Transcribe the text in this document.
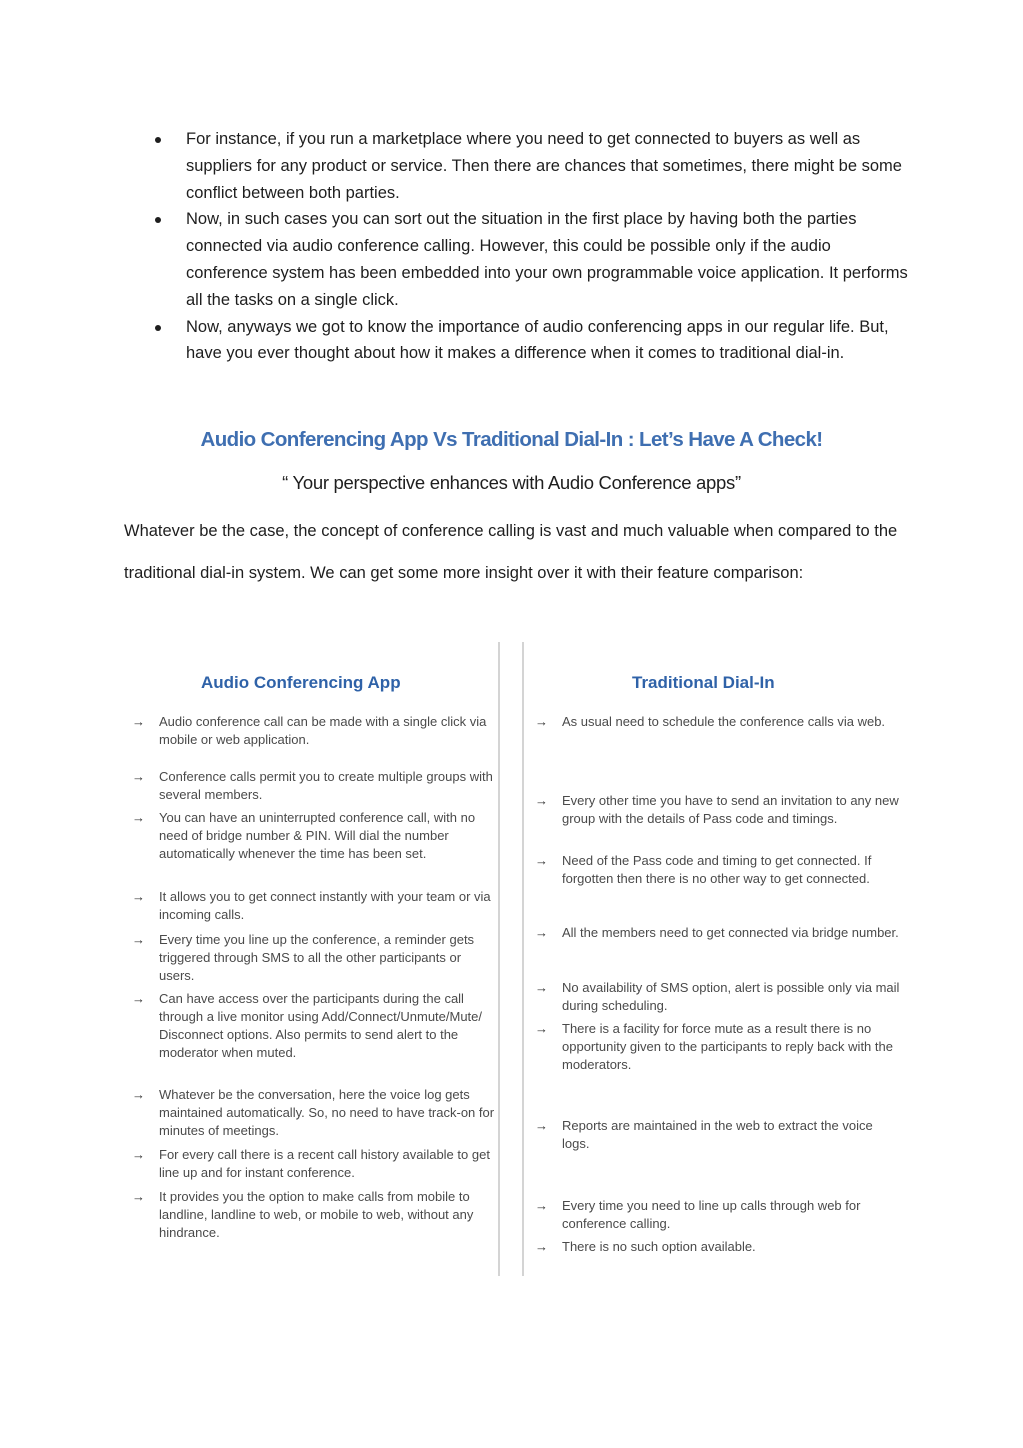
For instance, if you run a marketplace where you need to get connected to buyers as well as suppliers for any product or service. Then there are chances that sometimes, there might be some conflict between both parties.
Now, in such cases you can sort out the situation in the first place by having both the parties connected via audio conference calling. However, this could be possible only if the audio conference system has been embedded into your own programmable voice application. It performs all the tasks on a single click.
Now, anyways we got to know the importance of audio conferencing apps in our regular life. But, have you ever thought about how it makes a difference when it comes to traditional dial-in.
Audio Conferencing App Vs Traditional Dial-In : Let’s Have A Check!
“ Your perspective enhances with Audio Conference apps”

Whatever be the case, the concept of conference calling is vast and much valuable when compared to the traditional dial-in system. We can get some more insight over it with their feature comparison:

Audio Conferencing App	Traditional Dial-In
→ Audio conference call can be made with a single click via mobile or web application.
→ Conference calls permit you to create multiple groups with several members.
→ You can have an uninterrupted conference call, with no need of bridge number & PIN. Will dial the number automatically whenever the time has been set.
→ It allows you to get connect instantly with your team or via incoming calls.
→ Every time you line up the conference, a reminder gets triggered through SMS to all the other participants or users.
→ Can have access over the participants during the call through a live monitor using Add/Connect/Unmute/Mute/ Disconnect options. Also permits to send alert to the moderator when muted.
→ Whatever be the conversation, here the voice log gets maintained automatically. So, no need to have track-on for minutes of meetings.
→ For every call there is a recent call history available to get line up and for instant conference.
→ It provides you the option to make calls from mobile to landline, landline to web, or mobile to web, without any hindrance.
→ As usual need to schedule the conference calls via web.
→ Every other time you have to send an invitation to any new group with the details of Pass code and timings.
→ Need of the Pass code and timing to get connected. If forgotten then there is no other way to get connected.
→ All the members need to get connected via bridge number.
→ No availability of SMS option, alert is possible only via mail during scheduling.
→ There is a facility for force mute as a result there is no opportunity given to the participants to reply back with the moderators.
→ Reports are maintained in the web to extract the voice logs.
→ Every time you need to line up calls through web for conference calling.
→ There is no such option available.
